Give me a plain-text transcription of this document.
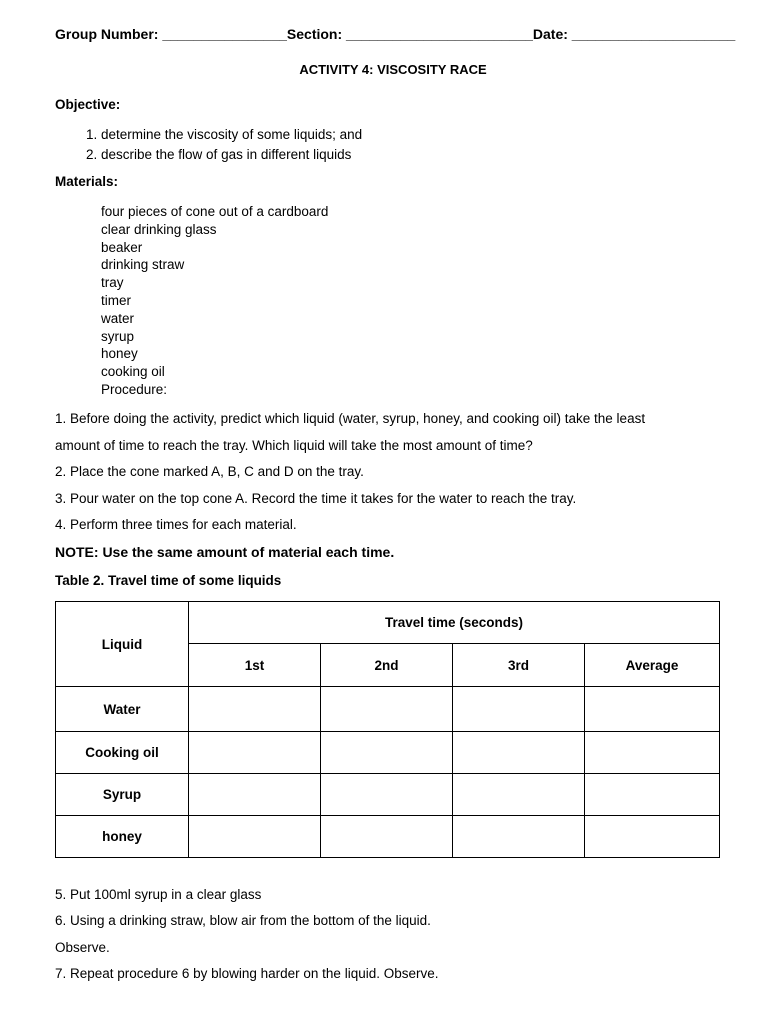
Group Number: ________________Section: ________________________Date: _____________________
ACTIVITY 4: VISCOSITY RACE
Objective:
1. determine the viscosity of some liquids; and
2. describe the flow of gas in different liquids
Materials:
four pieces of cone out of a cardboard
clear drinking glass
beaker
drinking straw
tray
timer
water
syrup
honey
cooking oil
Procedure:
1. Before doing the activity, predict which liquid (water, syrup, honey, and cooking oil) take the least
amount of time to reach the tray. Which liquid will take the most amount of time?
2. Place the cone marked A, B, C and D on the tray.
3. Pour water on the top cone A. Record the time it takes for the water to reach the tray.
4. Perform three times for each material.
NOTE: Use the same amount of material each time.
Table 2. Travel time of some liquids
Liquid	Travel time (seconds)			
	1st	2nd	3rd	Average
Water				
Cooking oil				
Syrup				
honey				
5. Put 100ml syrup in a clear glass
6. Using a drinking straw, blow air from the bottom of the liquid.
Observe.
7. Repeat procedure 6 by blowing harder on the liquid. Observe.
